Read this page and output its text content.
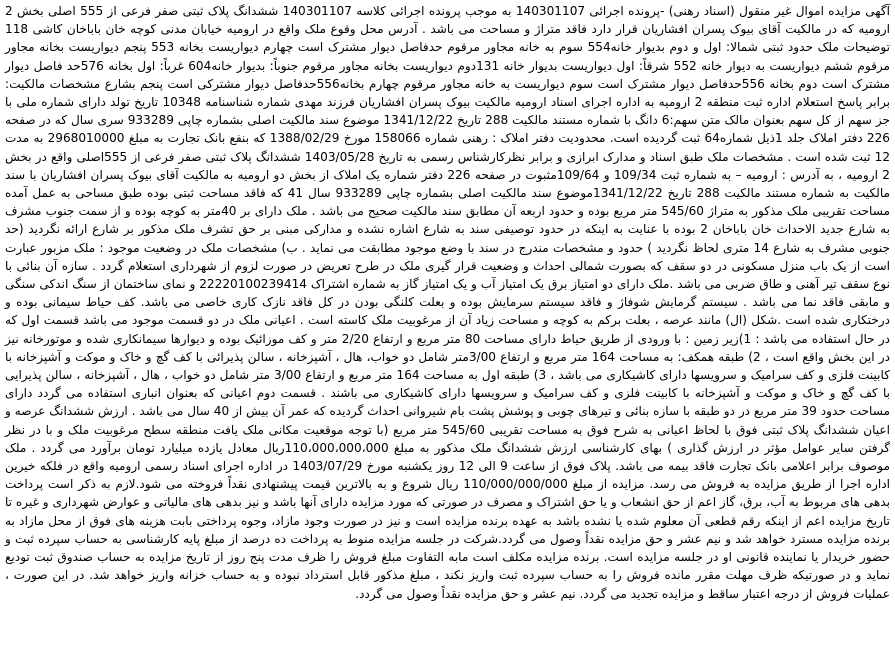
آگهی مزایده اموال غیر منقول (اسناد رهنی) -پرونده اجرائی 140301107 به موجب پرونده اجرائی کلاسه 140301107 ششدانگ پلاک ثبتی صفر فرعی از 555 اصلی بخش 2 ارومیه که در مالکیت آقای بیوک پسران افشاریان قرار دارد فاقد متراژ و مساحت می باشد . آدرس محل وقوع ملک واقع در ارومیه خیابان مدنی کوچه خان باباخان کاشی 118 توضیحات ملک حدود ثبتی شمالا: اول و دوم بدیوار خانه554 سوم به خانه مجاور مرقوم حدفاصل دیوار مشترک است چهارم دیواریست بخانه 553 پنجم دیواریست بخانه مجاور مرقوم ششم دیواریست به دیوار خانه 552 شرقاً: اول دیواریست بدیوار خانه 131دوم دیواریست بخانه مجاور مرقوم جنوباً: بدیوار خانه604 غرباً: اول بخانه 576حد فاصل دیوار مشترک است دوم بخانه 556حدفاصل دیوار مشترک است سوم دیواریست به خانه مجاور مرقوم چهارم بخانه556حدفاصل دیوار مشترکی است پنجم بشارع مشخصات مالکیت: برابر پاسخ استعلام اداره ثبت منطقه 2 ارومیه به اداره اجرای اسناد ارومیه مالکیت بیوک پسران افشاریان فرزند مهدی شماره شناسنامه 10348 تاریخ تولد دارای شماره ملی با جز سهم از کل سهم بعنوان مالک متن سهم:6 دانگ با شماره مستند مالکیت 288 تاریخ 1341/12/22 موضوع سند مالکیت اصلی بشماره چاپی 933289 سری سال که در صفحه 226 دفتر املاک جلد 1ذیل شماره64 ثبت گردیده است. محدودیت دفتر املاک : رهنی شماره 158066 مورخ 1388/02/29 که بنفع بانک تجارت به مبلغ 2968010000 به مدت 12 ثبت شده است . مشخصات ملک طبق اسناد و مدارک ابرازی و برابر نظرکارشناس رسمی به تاریخ 1403/05/28 ششدانگ پلاک ثبتی صفر فرعی از 555اصلی واقع در بخش 2 ارومیه ، به آدرس : ارومیه – به شماره ثبت 109/34 و 109/64مثبوت در صفحه 226 دفتر شماره یک املاک از بخش دو ارومیه به مالکیت آقای بیوک پسران افشاریان با سند مالکیت به شماره مستند مالکیت 288 تاریخ 1341/12/22موضوع سند مالکیت اصلی بشماره چاپی 933289 سال 41 که فاقد مساحت ثبتی بوده طبق مساحی به عمل آمده مساحت تقریبی ملک مذکور به متراژ 545/60 متر مربع بوده و حدود اربعه آن مطابق سند مالکیت صحیح می باشد . ملک دارای بر 40متر به کوچه بوده و از سمت جنوب مشرف به شارع جدید الاحداث خان باباخان 2 بوده با عنایت به اینکه در حدود توصیفی سند به شارع اشاره نشده و مدارکی مبنی بر حق تشرف ملک مذکور بر شارع ارائه نگردید (حد جنوبی مشرف به شارع 14 متری لحاظ نگردید ) حدود و مشخصات مندرج در سند با وضع موجود مطابقت می نماید . ب) مشخصات ملک در وضعیت موجود : ملک مزبور عبارت است از یک باب منزل مسکونی در دو سقف که بصورت شمالی احداث و وضعیت قرار گیری ملک در طرح تعریض در صورت لزوم از شهرداری استعلام گردد . سازه آن بنائی با نوع سقف تیر آهنی و طاق ضربی می باشد .ملک دارای دو امتیاز برق یک امتیاز آب و یک امتیاز گاز به شماره اشتراک 22220100239414 و نمای ساختمان از سنگ اندکی سنگی و مابقی فاقد نما می باشد . سیستم گرمایش شوفاژ و فاقد سیستم سرمایش بوده و بعلت کلنگی بودن در کل فاقد نازک کاری خاصی می باشد. کف حیاط سیمانی بوده و درختکاری شده است .شکل (ال) مانند عرصه ، بعلت برکم به کوچه و مساحت زیاد آن از مرغوبیت ملک کاسته است . اعیانی ملک در دو قسمت موجود می باشد قسمت اول که در حال استفاده می باشد : 1)زیر زمین : با ورودی از طریق حیاط دارای مساحت 80 متر مربع و ارتفاع 2/20 متر و کف موزائیک بوده و دیوارها سیمانکاری شده و موتورخانه نیز در این بخش واقع است ، 2) طبقه همکف: به مساحت 164 متر مربع و ارتفاع 3/00متر شامل دو خواب، هال ، آشپزخانه ، سالن پذیرائی با کف گچ و خاک و موکت و آشپزخانه با کابینت فلزی و کف سرامیک و سرویسها دارای کاشیکاری می باشد ، 3) طبقه اول به مساحت 164 متر مربع و ارتفاع 3/00 متر شامل دو خواب ، هال ، آشپزخانه ، سالن پذیرایی با کف گچ و خاک و موکت و آشپزخانه با کابینت فلزی و کف سرامیک و سرویسها دارای کاشیکاری می باشند . قسمت دوم اعیانی که بعنوان انباری استفاده می گردد دارای مساحت حدود 39 متر مربع در دو طبقه با سازه بنائی و تیرهای چوبی و پوشش پشت بام شیروانی احداث گردیده که عمر آن بیش از 40 سال می باشد . ارزش ششدانگ عرصه و اعیان ششدانگ پلاک ثبتی فوق با لحاظ اعیانی به شرح فوق به مساحت تقریبی 545/60 متر مربع (با توجه موقعیت مکانی ملک یافت منطقه سطح مرغوبیت ملک و با در نظر گرفتن سایر عوامل مؤثر در ارزش گذاری ) بهای کارشناسی ارزش ششدانگ ملک مذکور به مبلغ 110،000،000،000ریال معادل یازده میلیارد تومان برآورد می گردد . ملک موصوف برابر اعلامی بانک تجارت فاقد بیمه می باشد. پلاک فوق از ساعت 9 الی 12 روز یکشنبه مورخ 1403/07/29 در اداره اجرای اسناد رسمی ارومیه واقع در فلکه خیرین اداره اجرا از طریق مزایده به فروش می رسد. مزایده از مبلغ 110/000/000/000 ریال شروع و به بالاترین قیمت پیشنهادی نقداً فروخته می شود.لازم به ذکر است پرداخت بدهی های مربوط به آب، برق، گاز اعم از حق انشعاب و یا حق اشتراک و مصرف در صورتی که مورد مزایده دارای آنها باشد و نیز بدهی های مالیاتی و عوارض شهرداری و غیره تا تاریخ مزایده اعم از اینکه رقم قطعی آن معلوم شده یا نشده باشد به عهده برنده مزایده است و نیز در صورت وجود مازاد، وجوه پرداختی بابت هزینه های فوق از محل مازاد به برنده مزایده مسترد خواهد شد و نیم عشر و حق مزایده نقداً وصول می گردد.شرکت در جلسه مزایده منوط به پرداخت ده درصد از مبلغ پایه کارشناسی به حساب سپرده ثبت و حضور خریدار یا نماینده قانونی او در جلسه مزایده است. برنده مزایده مکلف است مابه التفاوت مبلغ فروش را ظرف مدت پنج روز از تاریخ مزایده به حساب صندوق ثبت تودیع نماید و در صورتیکه ظرف مهلت مقرر مانده فروش را به حساب سپرده ثبت واریز نکند ، مبلغ مذکور قابل استرداد نبوده و به حساب خزانه واریز خواهد شد. در این صورت ، عملیات فروش از درجه اعتبار ساقط و مزایده تجدید می گردد. نیم عشر و حق مزایده نقداً وصول می گردد.
